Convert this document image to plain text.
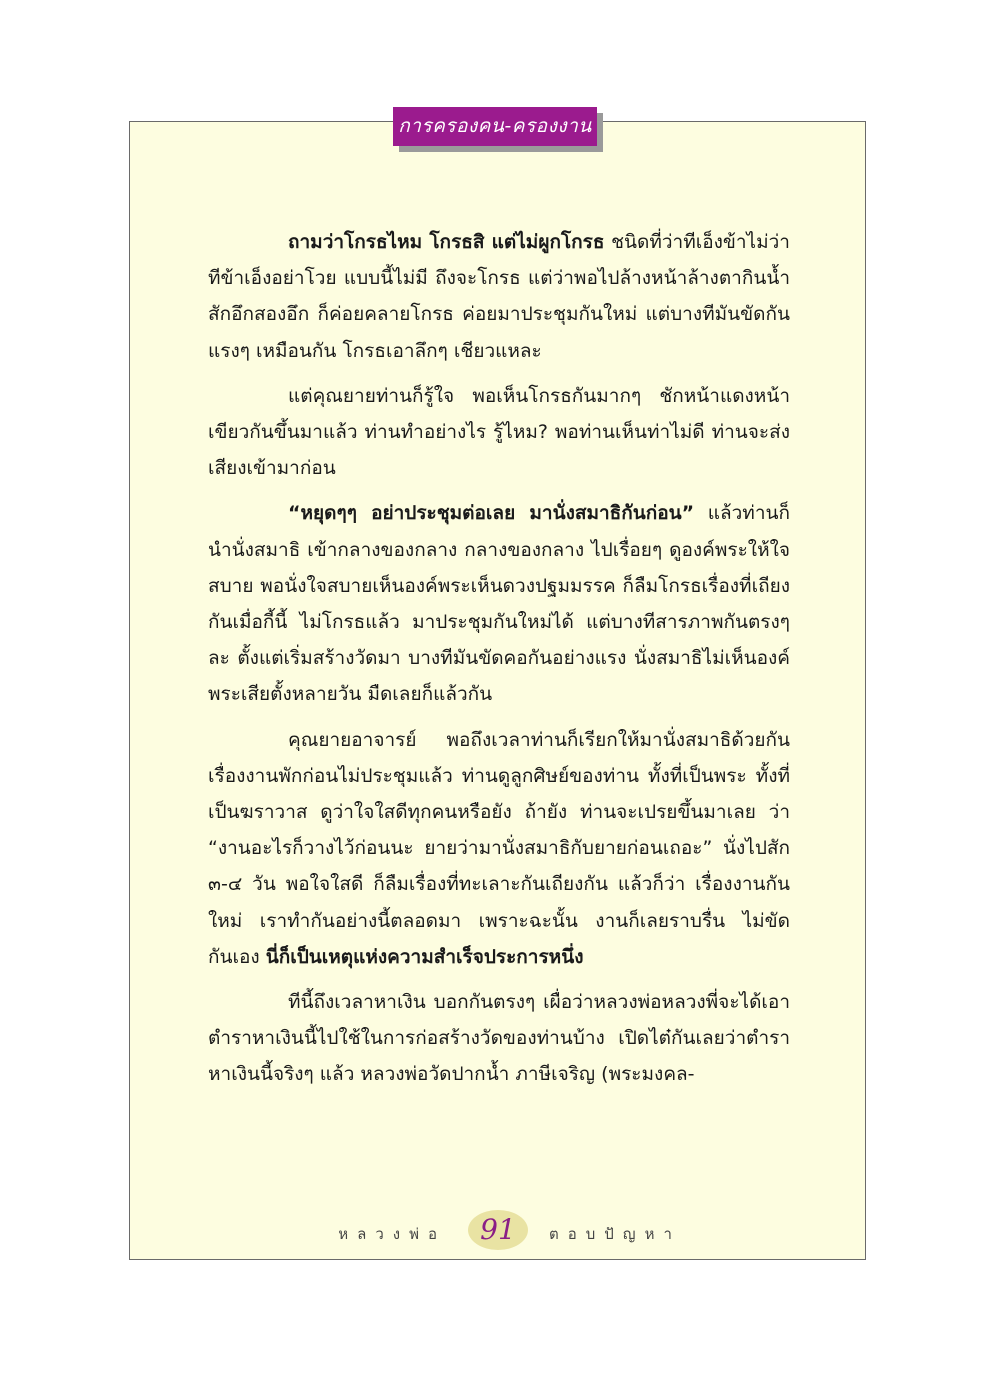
การครองคน-ครองงาน

ถามว่าโกรธไหม โกรธสิ แต่ไม่ผูกโกรธ ชนิดที่ว่าทีเอ็งข้าไม่ว่า ทีข้าเอ็งอย่าโวย แบบนี้ไม่มี ถึงจะโกรธ แต่ว่าพอไปล้างหน้าล้างตากินน้ำสักอึกสองอึก ก็ค่อยคลายโกรธ ค่อยมาประชุมกันใหม่ แต่บางทีมันขัดกันแรงๆ เหมือนกัน โกรธเอาลึกๆ เชียวแหละ

แต่คุณยายท่านก็รู้ใจ พอเห็นโกรธกันมากๆ ชักหน้าแดงหน้าเขียวกันขึ้นมาแล้ว ท่านทำอย่างไร รู้ไหม? พอท่านเห็นท่าไม่ดี ท่านจะส่งเสียงเข้ามาก่อน

“หยุดๆๆ อย่าประชุมต่อเลย มานั่งสมาธิกันก่อน” แล้วท่านก็นำนั่งสมาธิ เข้ากลางของกลาง กลางของกลาง ไปเรื่อยๆ ดูองค์พระให้ใจสบาย พอนั่งใจสบายเห็นองค์พระเห็นดวงปฐมมรรค ก็ลืมโกรธเรื่องที่เถียงกันเมื่อกี้นี้ ไม่โกรธแล้ว มาประชุมกันใหม่ได้ แต่บางทีสารภาพกันตรงๆ ละ ตั้งแต่เริ่มสร้างวัดมา บางทีมันขัดคอกันอย่างแรง นั่งสมาธิไม่เห็นองค์พระเสียตั้งหลายวัน มืดเลยก็แล้วกัน

คุณยายอาจารย์ พอถึงเวลาท่านก็เรียกให้มานั่งสมาธิด้วยกัน เรื่องงานพักก่อนไม่ประชุมแล้ว ท่านดูลูกศิษย์ของท่าน ทั้งที่เป็นพระ ทั้งที่เป็นฆราวาส ดูว่าใจใสดีทุกคนหรือยัง ถ้ายัง ท่านจะเปรยขึ้นมาเลย ว่า “งานอะไรก็วางไว้ก่อนนะ ยายว่ามานั่งสมาธิกับยายก่อนเถอะ” นั่งไปสัก ๓-๔ วัน พอใจใสดี ก็ลืมเรื่องที่ทะเลาะกันเถียงกัน แล้วก็ว่า เรื่องงานกันใหม่ เราทำกันอย่างนี้ตลอดมา เพราะฉะนั้น งานก็เลยราบรื่น ไม่ขัดกันเอง นี่ก็เป็นเหตุแห่งความสำเร็จประการหนึ่ง

ทีนี้ถึงเวลาหาเงิน บอกกันตรงๆ เผื่อว่าหลวงพ่อหลวงพี่จะได้เอาตำราหาเงินนี้ไปใช้ในการก่อสร้างวัดของท่านบ้าง เปิดไต๋กันเลยว่าตำราหาเงินนี้จริงๆ แล้ว หลวงพ่อวัดปากน้ำ ภาษีเจริญ (พระมงคล-

หลวงพ่อ	91	ตอบปัญหา
